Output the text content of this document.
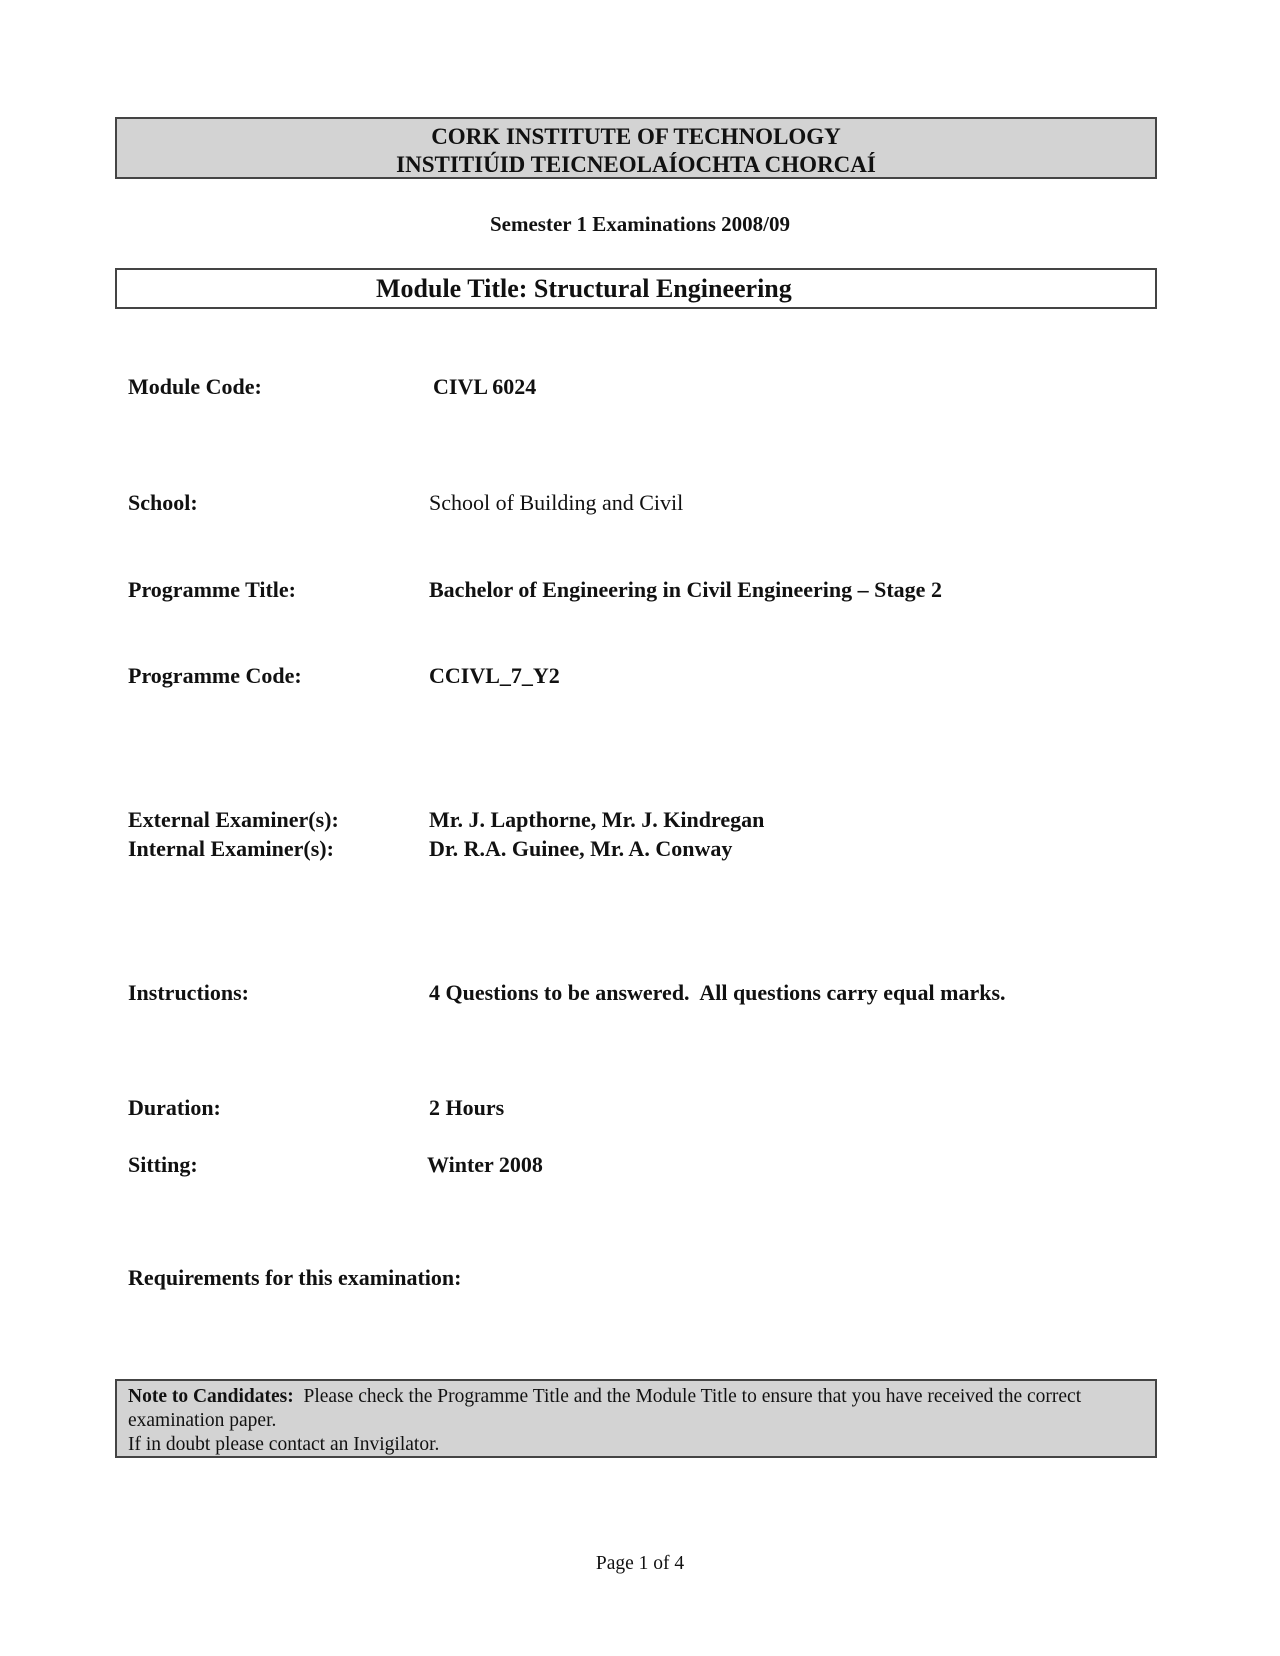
CORK INSTITUTE OF TECHNOLOGY
INSTITIÚID TEICNEOLAÍOCHTA CHORCAÍ
Semester 1 Examinations 2008/09
Module Title: Structural Engineering
Module Code:	CIVL 6024
School:	School of Building and Civil
Programme Title:	Bachelor of Engineering in Civil Engineering – Stage 2
Programme Code:	CCIVL_7_Y2
External Examiner(s):	Mr. J. Lapthorne, Mr. J. Kindregan
Internal Examiner(s):	Dr. R.A. Guinee, Mr. A. Conway
Instructions:	4 Questions to be answered.  All questions carry equal marks.
Duration:	2 Hours
Sitting:	Winter 2008
Requirements for this examination:
Note to Candidates: Please check the Programme Title and the Module Title to ensure that you have received the correct examination paper.
If in doubt please contact an Invigilator.
Page 1 of 4
